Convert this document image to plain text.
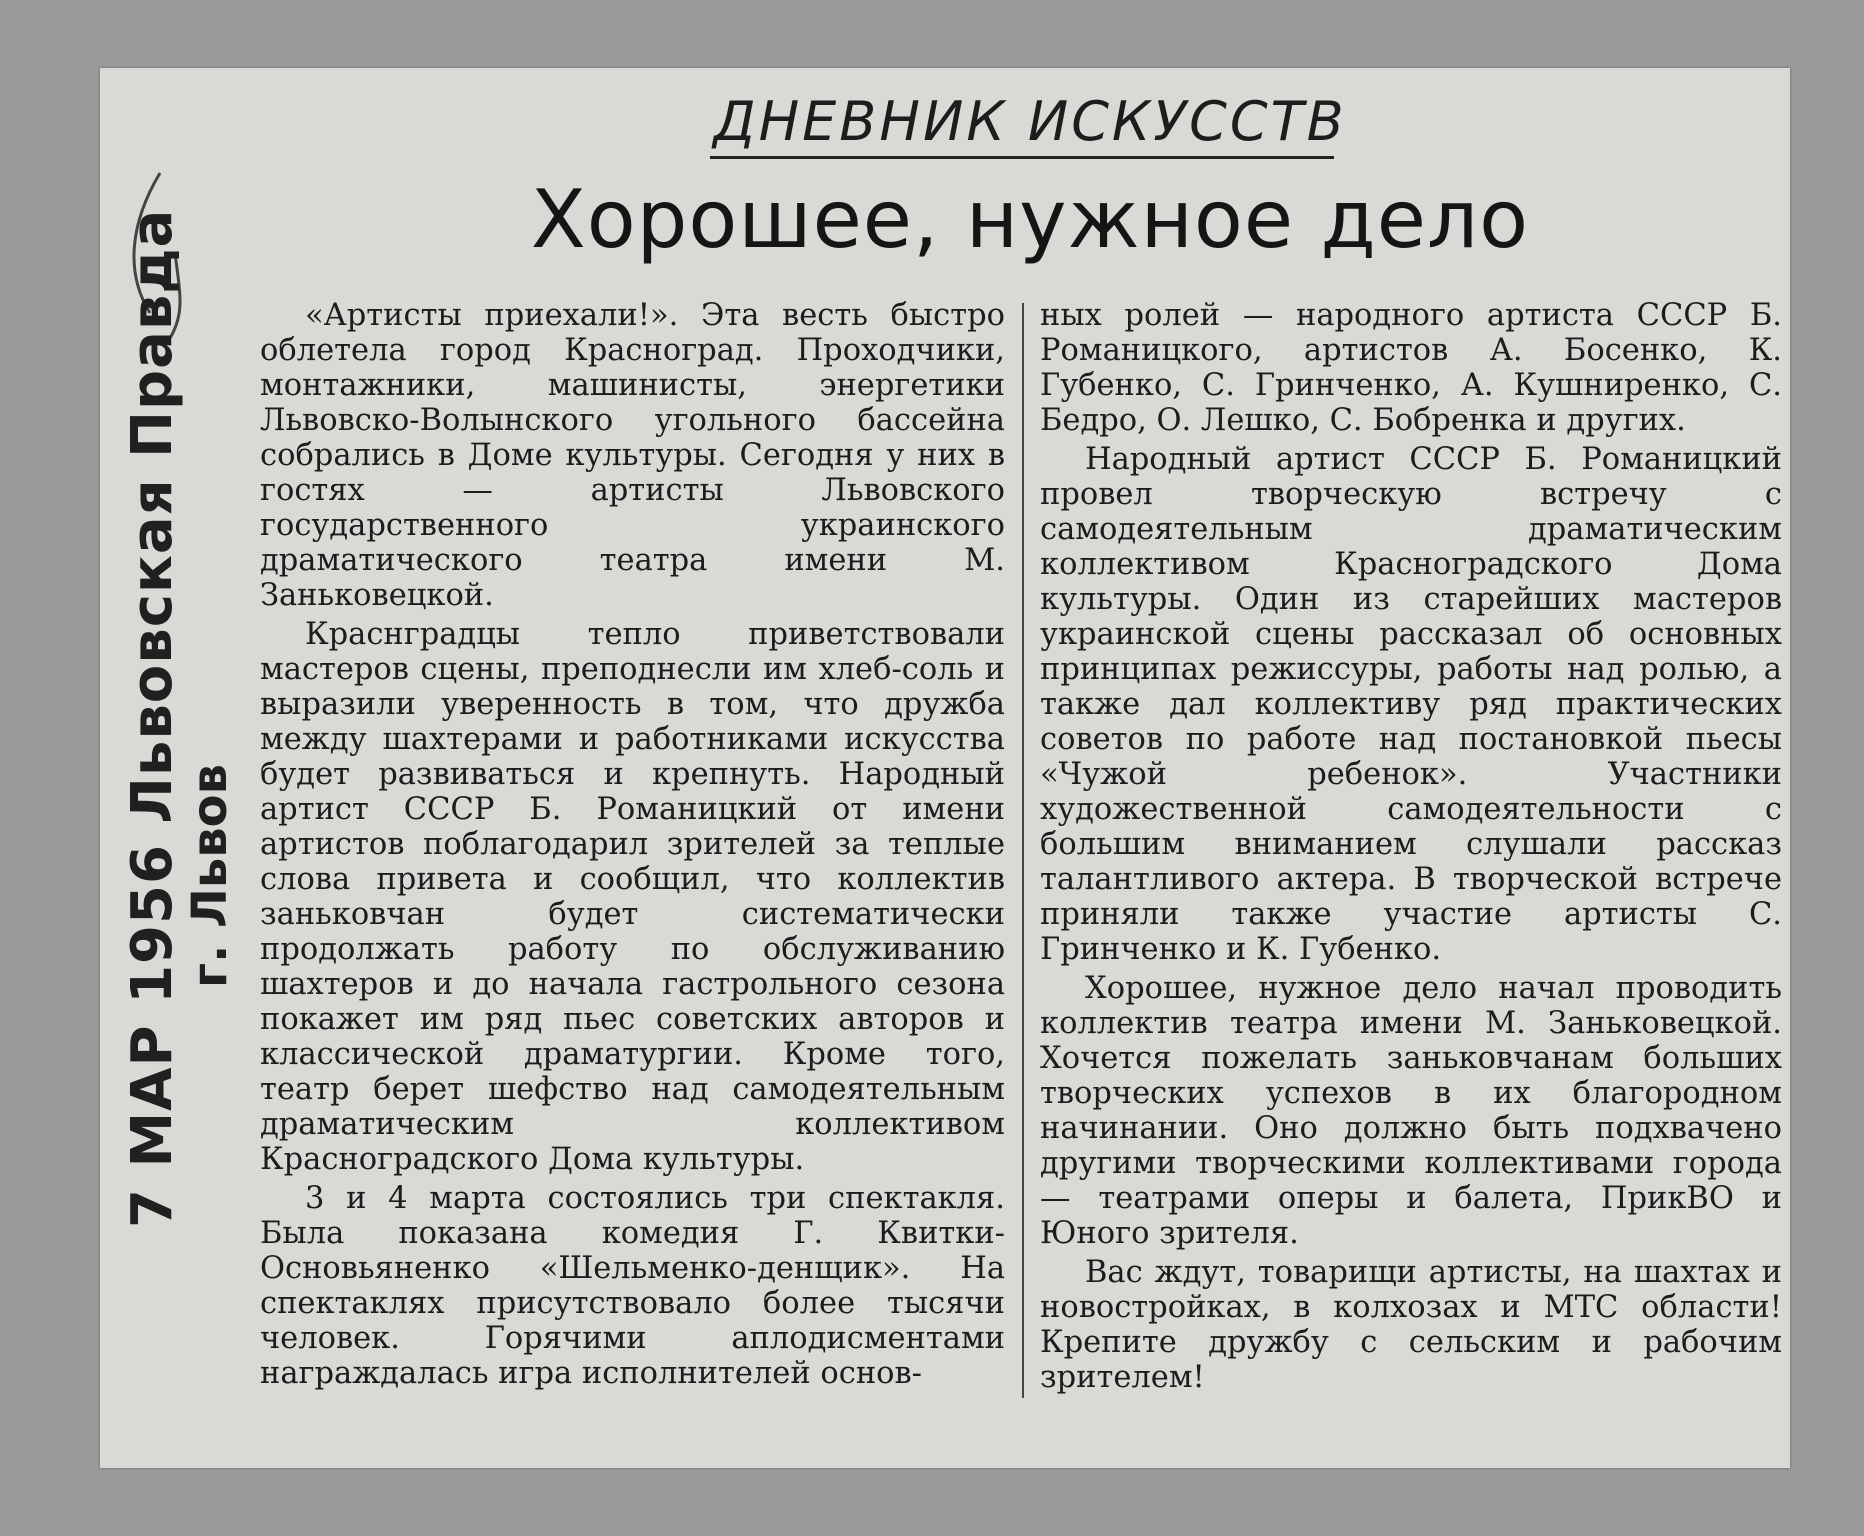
ДНЕВНИК ИСКУССТВ
Хорошее, нужное дело

«Артисты приехали!». Эта весть быстро облетела город Красноград. Проходчики, монтажники, машинисты, энергетики Львовско-Волынского угольного бассейна собрались в Доме культуры. Сегодня у них в гостях — артисты Львовского государственного украинского драматического театра имени М. Заньковецкой.

Краснградцы тепло приветствовали мастеров сцены, преподнесли им хлеб-соль и выразили уверенность в том, что дружба между шахтерами и работниками искусства будет развиваться и крепнуть. Народный артист СССР Б. Романицкий от имени артистов поблагодарил зрителей за теплые слова привета и сообщил, что коллектив заньковчан будет систематически продолжать работу по обслуживанию шахтеров и до начала гастрольного сезона покажет им ряд пьес советских авторов и классической драматургии. Кроме того, театр берет шефство над самодеятельным драматическим коллективом Красноградского Дома культуры.

3 и 4 марта состоялись три спектакля. Была показана комедия Г. Квитки-Основьяненко «Шельменко-денщик». На спектаклях присутствовало более тысячи человек. Горячими аплодисментами награждалась игра исполнителей основ-

ных ролей — народного артиста СССР Б. Романицкого, артистов А. Босенко, К. Губенко, С. Гринченко, А. Кушниренко, С. Бедро, О. Лешко, С. Бобренка и других.

Народный артист СССР Б. Романицкий провел творческую встречу с самодеятельным драматическим коллективом Красноградского Дома культуры. Один из старейших мастеров украинской сцены рассказал об основных принципах режиссуры, работы над ролью, а также дал коллективу ряд практических советов по работе над постановкой пьесы «Чужой ребенок». Участники художественной самодеятельности с большим вниманием слушали рассказ талантливого актера. В творческой встрече приняли также участие артисты С. Гринченко и К. Губенко.

Хорошее, нужное дело начал проводить коллектив театра имени М. Заньковецкой. Хочется пожелать заньковчанам больших творческих успехов в их благородном начинании. Оно должно быть подхвачено другими творческими коллективами города — театрами оперы и балета, ПрикВО и Юного зрителя.

Вас ждут, товарищи артисты, на шахтах и новостройках, в колхозах и МТС области! Крепите дружбу с сельским и рабочим зрителем!

7 МАР 1956 Львовская Правда
г. Львов
